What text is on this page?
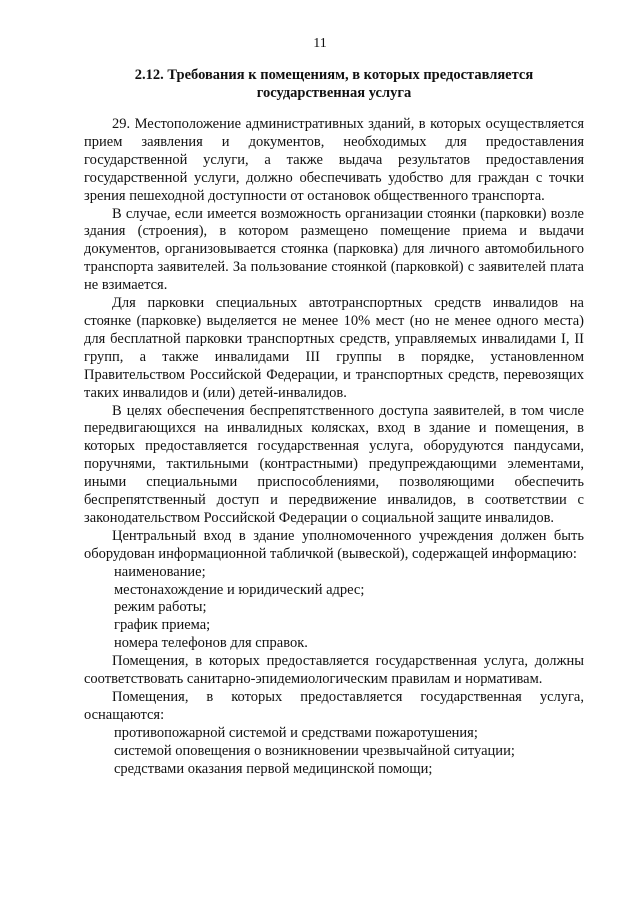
11
2.12. Требования к помещениям, в которых предоставляется
государственная услуга

29. Местоположение административных зданий, в которых осуществляется прием заявления и документов, необходимых для предоставления государственной услуги, а также выдача результатов предоставления государственной услуги, должно обеспечивать удобство для граждан с точки зрения пешеходной доступности от остановок общественного транспорта.

В случае, если имеется возможность организации стоянки (парковки) возле здания (строения), в котором размещено помещение приема и выдачи документов, организовывается стоянка (парковка) для личного автомобильного транспорта заявителей. За пользование стоянкой (парковкой) с заявителей плата не взимается.

Для парковки специальных автотранспортных средств инвалидов на стоянке (парковке) выделяется не менее 10% мест (но не менее одного места) для бесплатной парковки транспортных средств, управляемых инвалидами I, II групп, а также инвалидами III группы в порядке, установленном Правительством Российской Федерации, и транспортных средств, перевозящих таких инвалидов и (или) детей-инвалидов.

В целях обеспечения беспрепятственного доступа заявителей, в том числе передвигающихся на инвалидных колясках, вход в здание и помещения, в которых предоставляется государственная услуга, оборудуются пандусами, поручнями, тактильными (контрастными) предупреждающими элементами, иными специальными приспособлениями, позволяющими обеспечить беспрепятственный доступ и передвижение инвалидов, в соответствии с законодательством Российской Федерации о социальной защите инвалидов.

Центральный вход в здание уполномоченного учреждения должен быть оборудован информационной табличкой (вывеской), содержащей информацию:

наименование;

местонахождение и юридический адрес;

режим работы;

график приема;

номера телефонов для справок.

Помещения, в которых предоставляется государственная услуга, должны соответствовать санитарно-эпидемиологическим правилам и нормативам.

Помещения, в которых предоставляется государственная услуга, оснащаются:

противопожарной системой и средствами пожаротушения;

системой оповещения о возникновении чрезвычайной ситуации;

средствами оказания первой медицинской помощи;
